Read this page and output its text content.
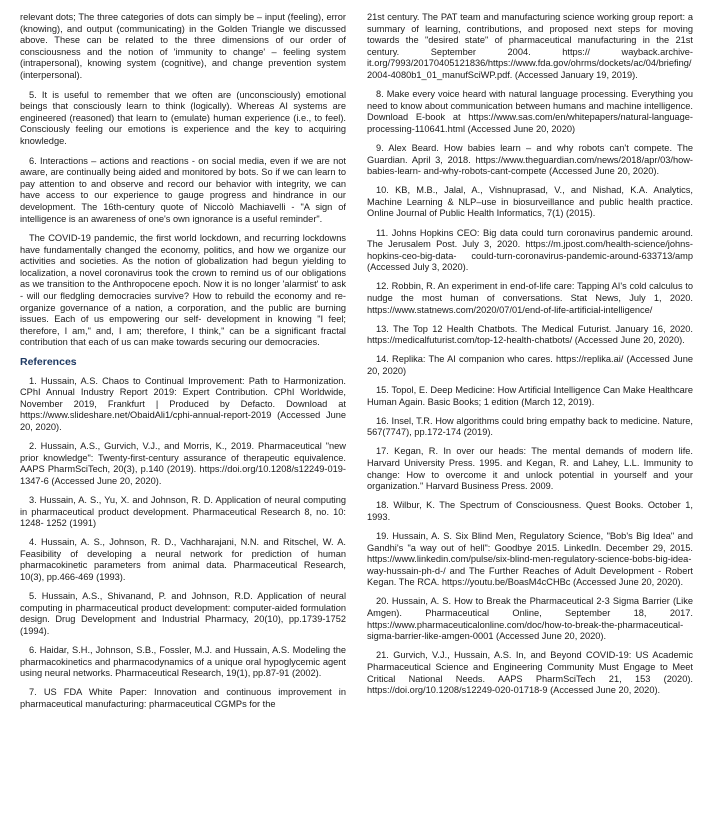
relevant dots; The three categories of dots can simply be – input (feeling), error (knowing), and output (communicating) in the Golden Triangle we discussed above. These can be related to the three dimensions of our order of consciousness and the notion of 'immunity to change' – feeling system (intrapersonal), knowing system (cognitive), and change prevention system (interpersonal).

5. It is useful to remember that we often are (unconsciously) emotional beings that consciously learn to think (logically). Whereas AI systems are engineered (reasoned) that learn to (emulate) human experience (i.e., to feel). Consciously feeling our emotions is experience and the key to acquiring knowledge.

6. Interactions – actions and reactions - on social media, even if we are not aware, are continually being aided and monitored by bots. So if we can learn to pay attention to and observe and record our behavior with integrity, we can have access to our experience to gauge progress and hindrance in our development. The 16th-century quote of Niccolò Machiavelli - "A sign of intelligence is an awareness of one's own ignorance is a useful reminder".

The COVID-19 pandemic, the first world lockdown, and recurring lockdowns have fundamentally changed the economy, politics, and how we organize our activities and societies. As the notion of globalization had begun yielding to localization, a novel coronavirus took the crown to remind us of our obligations as we transition to the Anthropocene epoch. Now it is no longer 'alarmist' to ask - will our fledgling democracies survive? How to rebuild the economy and re-organize governance of a nation, a corporation, and the public are burning issues. Each of us empowering our self- development in knowing "I feel; therefore, I am," and, I am; therefore, I think," can be a significant fractal contribution that each of us can make towards securing our democracies.

References

1. Hussain, A.S. Chaos to Continual Improvement: Path to Harmonization. CPhI Annual Industry Report 2019: Expert Contribution. CPhI Worldwide, November 2019, Frankfurt | Produced by Defacto. Download at https://www.slideshare.net/ObaidAli1/cphi-annual-report-2019 (Accessed June 20, 2020).

2. Hussain, A.S., Gurvich, V.J., and Morris, K., 2019. Pharmaceutical "new prior knowledge": Twenty-first-century assurance of therapeutic equivalence. AAPS PharmSciTech, 20(3), p.140 (2019). https://doi.org/10.1208/s12249-019-1347-6 (Accessed June 20, 2020).

3. Hussain, A. S., Yu, X. and Johnson, R. D. Application of neural computing in pharmaceutical product development. Pharmaceutical Research 8, no. 10: 1248- 1252 (1991)

4. Hussain, A. S., Johnson, R. D., Vachharajani, N.N. and Ritschel, W. A. Feasibility of developing a neural network for prediction of human pharmacokinetic parameters from animal data. Pharmaceutical Research, 10(3), pp.466-469 (1993).

5. Hussain, A.S., Shivanand, P. and Johnson, R.D. Application of neural computing in pharmaceutical product development: computer-aided formulation design. Drug Development and Industrial Pharmacy, 20(10), pp.1739-1752 (1994).

6. Haidar, S.H., Johnson, S.B., Fossler, M.J. and Hussain, A.S. Modeling the pharmacokinetics and pharmacodynamics of a unique oral hypoglycemic agent using neural networks. Pharmaceutical Research, 19(1), pp.87-91 (2002).

7. US FDA White Paper: Innovation and continuous improvement in pharmaceutical manufacturing: pharmaceutical CGMPs for the

21st century. The PAT team and manufacturing science working group report: a summary of learning, contributions, and proposed next steps for moving towards the "desired state" of pharmaceutical manufacturing in the 21st century. September 2004. https:// wayback.archive- it.org/7993/20170405121836/https://www.fda.gov/ohrms/dockets/ac/04/briefing/2004-4080b1_01_manufSciWP.pdf. (Accessed January 19, 2019).

8. Make every voice heard with natural language processing. Everything you need to know about communication between humans and machine intelligence. Download E-book at https://www.sas.com/en/whitepapers/natural-language-processing-110641.html (Accessed June 20, 2020)

9. Alex Beard. How babies learn – and why robots can't compete. The Guardian. April 3, 2018. https://www.theguardian.com/news/2018/apr/03/how-babies-learn- and-why-robots-cant-compete (Accessed June 20, 2020).

10. KB, M.B., Jalal, A., Vishnuprasad, V., and Nishad, K.A. Analytics, Machine Learning & NLP–use in biosurveillance and public health practice. Online Journal of Public Health Informatics, 7(1) (2015).

11. Johns Hopkins CEO: Big data could turn coronavirus pandemic around. The Jerusalem Post. July 3, 2020. https://m.jpost.com/health-science/johns-hopkins-ceo-big-data- could-turn-coronavirus-pandemic-around-633713/amp (Accessed July 3, 2020).

12. Robbin, R. An experiment in end-of-life care: Tapping AI's cold calculus to nudge the most human of conversations. Stat News, July 1, 2020. https://www.statnews.com/2020/07/01/end-of-life-artificial-intelligence/

13. The Top 12 Health Chatbots. The Medical Futurist. January 16, 2020. https://medicalfuturist.com/top-12-health-chatbots/ (Accessed June 20, 2020).

14. Replika: The AI companion who cares. https://replika.ai/ (Accessed June 20, 2020)

15. Topol, E. Deep Medicine: How Artificial Intelligence Can Make Healthcare Human Again. Basic Books; 1 edition (March 12, 2019).

16. Insel, T.R. How algorithms could bring empathy back to medicine. Nature, 567(7747), pp.172-174 (2019).

17. Kegan, R. In over our heads: The mental demands of modern life. Harvard University Press. 1995. and Kegan, R. and Lahey, L.L. Immunity to change: How to overcome it and unlock potential in yourself and your organization." Harvard Business Press. 2009.

18. Wilbur, K. The Spectrum of Consciousness. Quest Books. October 1, 1993.

19. Hussain, A. S. Six Blind Men, Regulatory Science, "Bob's Big Idea" and Gandhi's "a way out of hell": Goodbye 2015. LinkedIn. December 29, 2015. https://www.linkedin.com/pulse/six-blind-men-regulatory-science-bobs-big-idea- way-hussain-ph-d-/ and The Further Reaches of Adult Development - Robert Kegan. The RCA. https://youtu.be/BoasM4cCHBc (Accessed June 20, 2020).

20. Hussain, A. S. How to Break the Pharmaceutical 2-3 Sigma Barrier (Like Amgen). Pharmaceutical Online, September 18, 2017. https://www.pharmaceuticalonline.com/doc/how-to-break-the-pharmaceutical-sigma-barrier-like-amgen-0001 (Accessed June 20, 2020).

21. Gurvich, V.J., Hussain, A.S. In, and Beyond COVID-19: US Academic Pharmaceutical Science and Engineering Community Must Engage to Meet Critical National Needs. AAPS PharmSciTech 21, 153 (2020). https://doi.org/10.1208/s12249-020-01718-9 (Accessed June 20, 2020).
